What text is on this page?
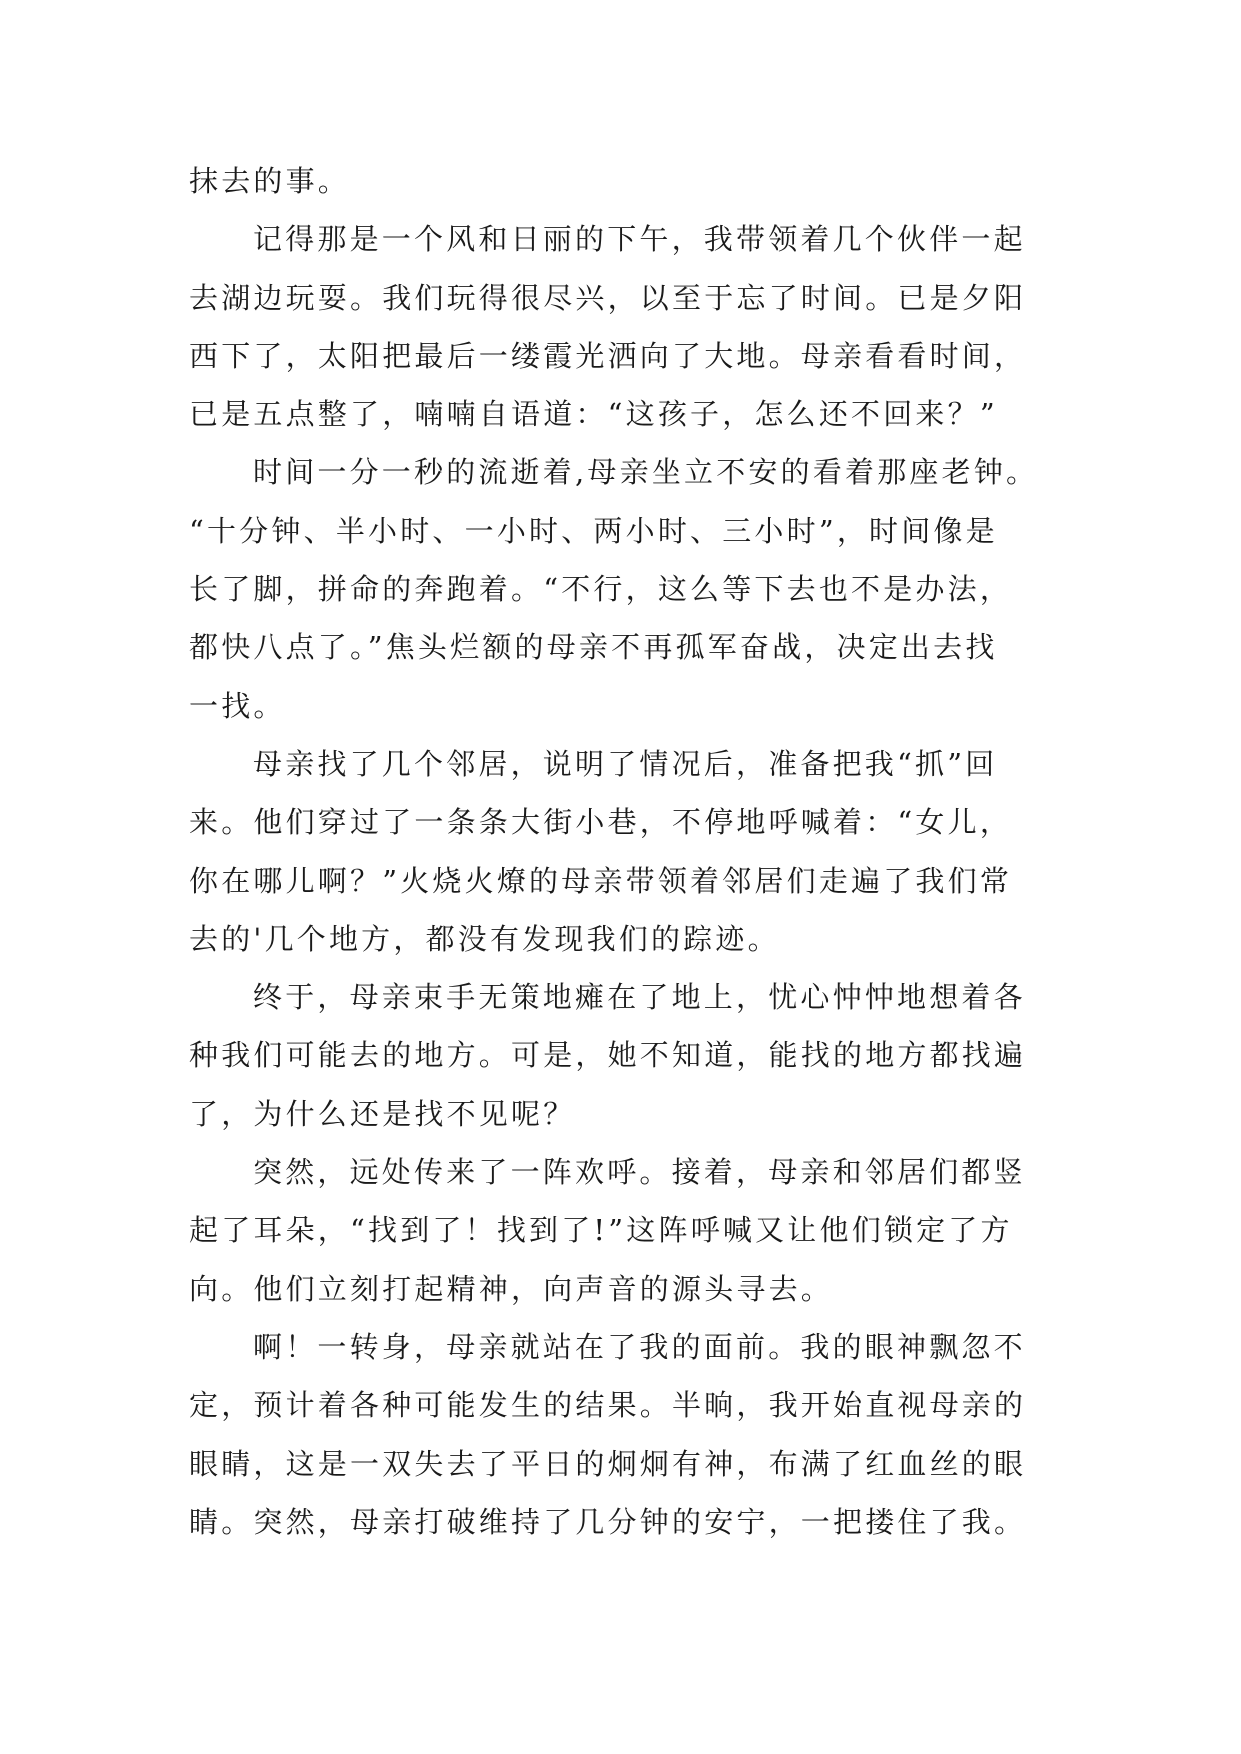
抹去的事。
记得那是一个风和日丽的下午，我带领着几个伙伴一起
去湖边玩耍。我们玩得很尽兴，以至于忘了时间。已是夕阳
西下了，太阳把最后一缕霞光洒向了大地。母亲看看时间，
已是五点整了，喃喃自语道：“这孩子，怎么还不回来？”
时间一分一秒的流逝着,母亲坐立不安的看着那座老钟。
“十分钟、半小时、一小时、两小时、三小时”，时间像是
长了脚，拼命的奔跑着。“不行，这么等下去也不是办法，
都快八点了。”焦头烂额的母亲不再孤军奋战，决定出去找
一找。
母亲找了几个邻居，说明了情况后，准备把我“抓”回
来。他们穿过了一条条大街小巷，不停地呼喊着：“女儿，
你在哪儿啊？”火烧火燎的母亲带领着邻居们走遍了我们常
去的'几个地方，都没有发现我们的踪迹。
终于，母亲束手无策地瘫在了地上，忧心忡忡地想着各
种我们可能去的地方。可是，她不知道，能找的地方都找遍
了，为什么还是找不见呢？
突然，远处传来了一阵欢呼。接着，母亲和邻居们都竖
起了耳朵，“找到了！找到了!”这阵呼喊又让他们锁定了方
向。他们立刻打起精神，向声音的源头寻去。
啊！一转身，母亲就站在了我的面前。我的眼神飘忽不
定，预计着各种可能发生的结果。半晌，我开始直视母亲的
眼睛，这是一双失去了平日的炯炯有神，布满了红血丝的眼
睛。突然，母亲打破维持了几分钟的安宁，一把搂住了我。
